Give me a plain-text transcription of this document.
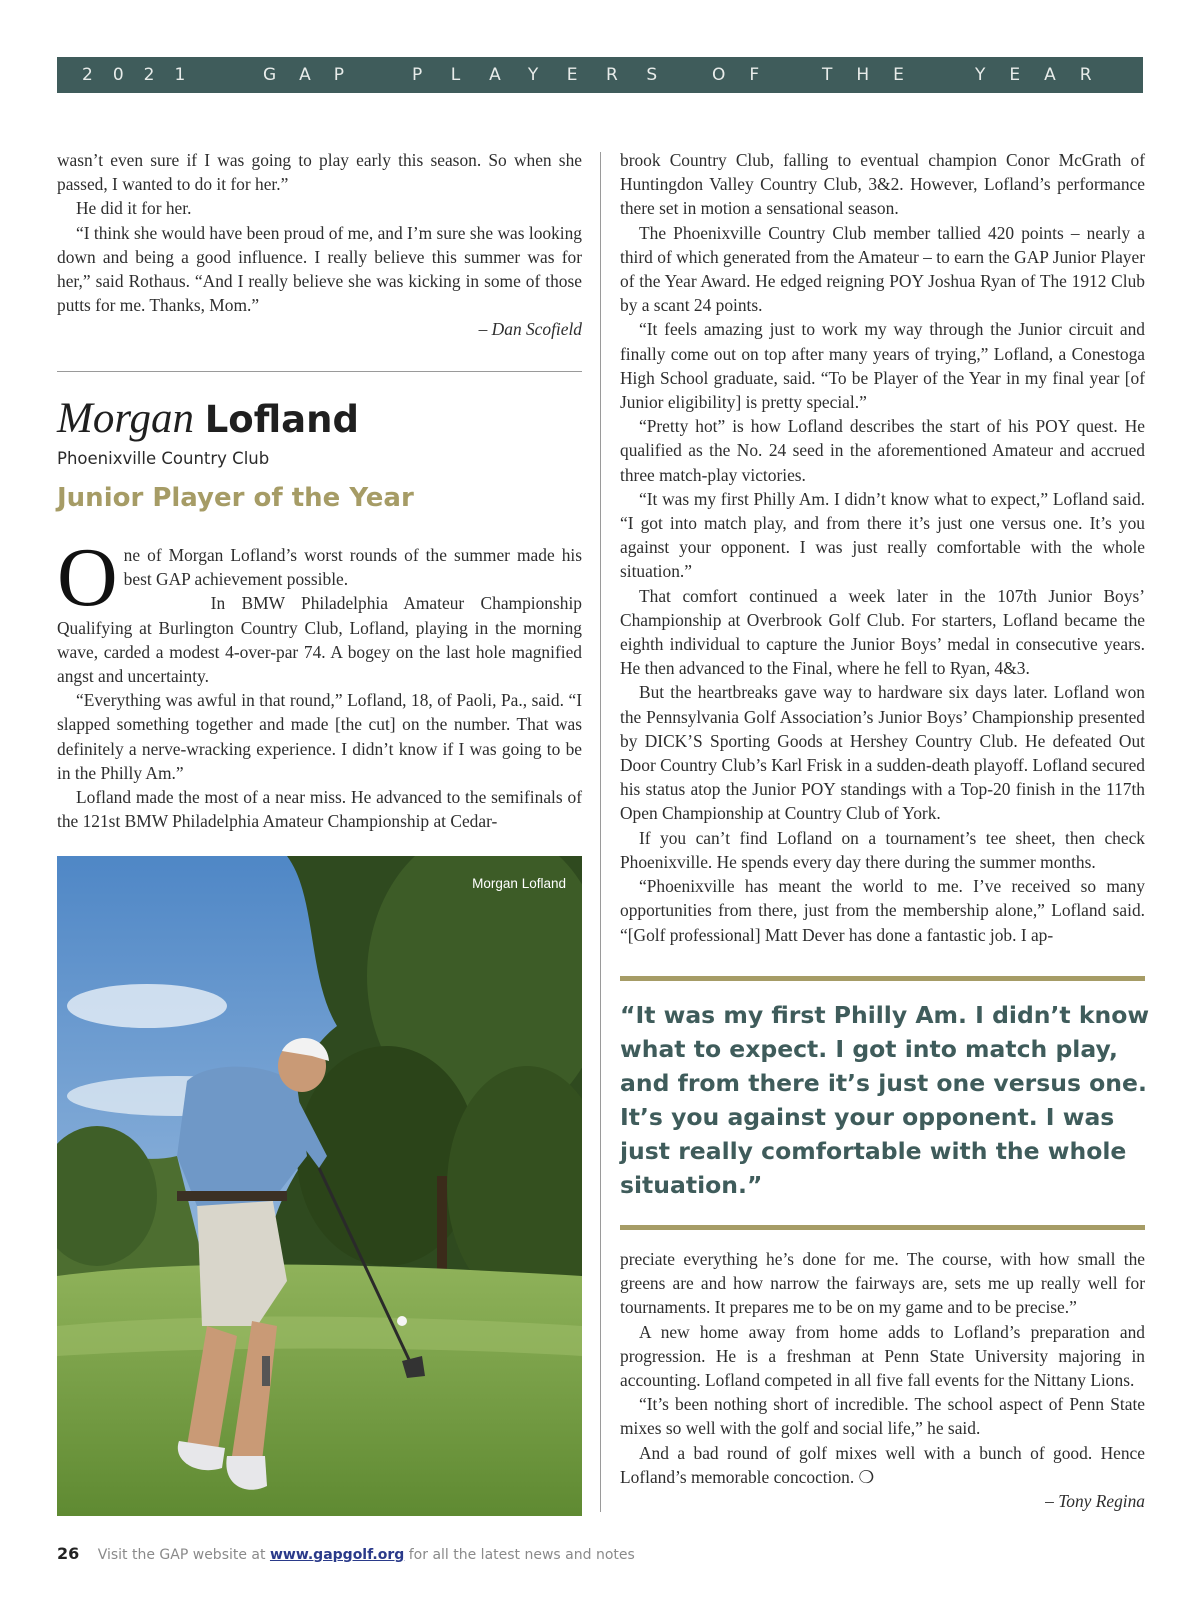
2021	GAP	PLAYERS OF THE	YEAR

wasn’t even sure if I was going to play early this season. So when she passed, I wanted to do it for her.”

He did it for her.

“I think she would have been proud of me, and I’m sure she was looking down and being a good influence. I really believe this summer was for her,” said Rothaus. “And I really believe she was kicking in some of those putts for me. Thanks, Mom.”

– Dan Scofield

Morgan Lofland
Phoenixville Country Club
Junior Player of the Year

One of Morgan Lofland’s worst rounds of the summer made his best GAP achievement possible.

In BMW Philadelphia Amateur Championship Qualifying at Burlington Country Club, Lofland, playing in the morning wave, carded a modest 4-over-par 74. A bogey on the last hole magnified angst and uncertainty.

“Everything was awful in that round,” Lofland, 18, of Paoli, Pa., said. “I slapped something together and made [the cut] on the number. That was definitely a nerve-wracking experience. I didn’t know if I was going to be in the Philly Am.”

Lofland made the most of a near miss. He advanced to the semifinals of the 121st BMW Philadelphia Amateur Championship at Cedar-

Morgan Lofland

brook Country Club, falling to eventual champion Conor McGrath of Huntingdon Valley Country Club, 3&2. However, Lofland’s performance there set in motion a sensational season.

The Phoenixville Country Club member tallied 420 points – nearly a third of which generated from the Amateur – to earn the GAP Junior Player of the Year Award. He edged reigning POY Joshua Ryan of The 1912 Club by a scant 24 points.

“It feels amazing just to work my way through the Junior circuit and finally come out on top after many years of trying,” Lofland, a Conestoga High School graduate, said. “To be Player of the Year in my final year [of Junior eligibility] is pretty special.”

“Pretty hot” is how Lofland describes the start of his POY quest. He qualified as the No. 24 seed in the aforementioned Amateur and accrued three match-play victories.

“It was my first Philly Am. I didn’t know what to expect,” Lofland said. “I got into match play, and from there it’s just one versus one. It’s you against your opponent. I was just really comfortable with the whole situation.”

That comfort continued a week later in the 107th Junior Boys’ Championship at Overbrook Golf Club. For starters, Lofland became the eighth individual to capture the Junior Boys’ medal in consecutive years. He then advanced to the Final, where he fell to Ryan, 4&3.

But the heartbreaks gave way to hardware six days later. Lofland won the Pennsylvania Golf Association’s Junior Boys’ Championship presented by DICK’S Sporting Goods at Hershey Country Club. He defeated Out Door Country Club’s Karl Frisk in a sudden-death playoff. Lofland secured his status atop the Junior POY standings with a Top-20 finish in the 117th Open Championship at Country Club of York.

If you can’t find Lofland on a tournament’s tee sheet, then check Phoenixville. He spends every day there during the summer months.

“Phoenixville has meant the world to me. I’ve received so many opportunities from there, just from the membership alone,” Lofland said. “[Golf professional] Matt Dever has done a fantastic job. I ap-

“It was my first Philly Am. I didn’t know what to expect. I got into match play, and from there it’s just one versus one. It’s you against your opponent. I was just really comfortable with the whole situation.”

preciate everything he’s done for me. The course, with how small the greens are and how narrow the fairways are, sets me up really well for tournaments. It prepares me to be on my game and to be precise.”

A new home away from home adds to Lofland’s preparation and progression. He is a freshman at Penn State University majoring in accounting. Lofland competed in all five fall events for the Nittany Lions.

“It’s been nothing short of incredible. The school aspect of Penn State mixes so well with the golf and social life,” he said.

And a bad round of golf mixes well with a bunch of good. Hence Lofland’s memorable concoction. ❍

– Tony Regina

26 Visit the GAP website at www.gapgolf.org for all the latest news and notes
